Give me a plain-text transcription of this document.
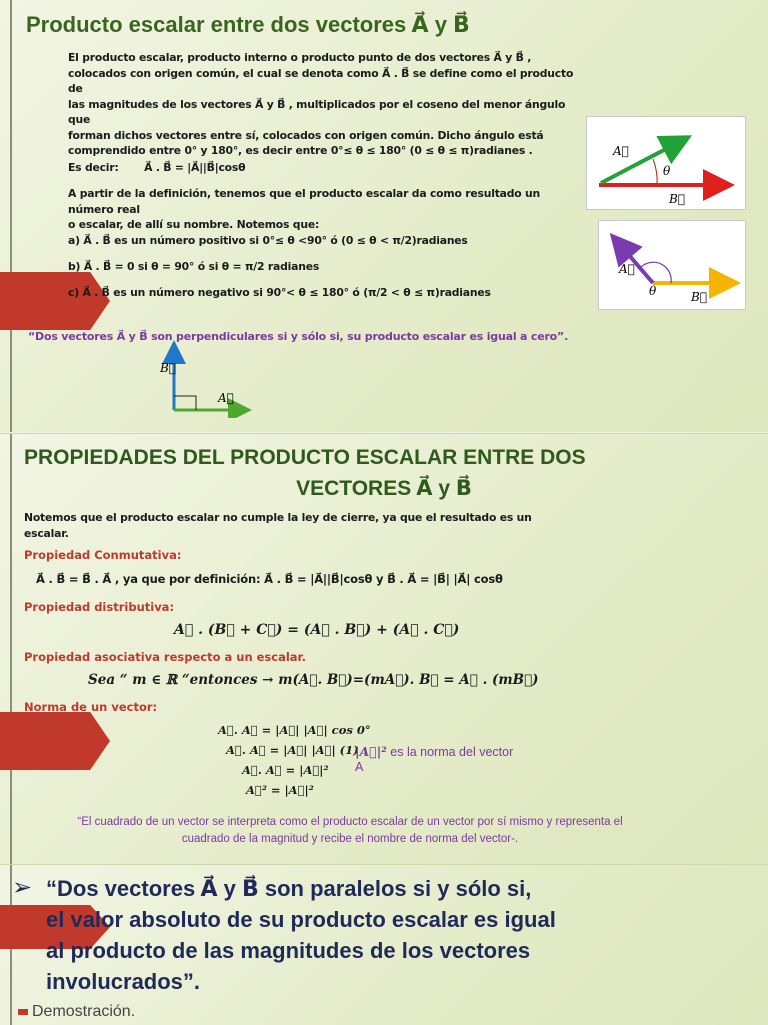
Producto escalar entre dos vectores A⃗ y B⃗
El producto escalar, producto interno o producto punto de dos vectores A⃗ y B⃗ ,
colocados con origen común, el cual se denota como A⃗ . B⃗ se define como el producto de
las magnitudes de los vectores A⃗ y B⃗ , multiplicados por el coseno del menor ángulo que
forman dichos vectores entre sí, colocados con origen común. Dicho ángulo está
comprendido entre 0° y 180°, es decir entre 0°≤ θ ≤ 180° (0 ≤ θ ≤ π)radianes .
Es decir: A⃗ . B⃗ = |A⃗||B⃗|cosθ
A partir de la definición, tenemos que el producto escalar da como resultado un número real
o escalar, de allí su nombre. Notemos que:
a) A⃗ . B⃗ es un número positivo si 0°≤ θ <90° ó (0 ≤ θ < π/2)radianes
b) A⃗ . B⃗ = 0 si θ = 90° ó si θ = π/2 radianes
c) A⃗ . B⃗ es un número negativo si 90°< θ ≤ 180° ó (π/2 < θ ≤ π)radianes
Teorema:
“Dos vectores A⃗ y B⃗ son perpendiculares si y sólo si, su producto escalar es igual a cero”.
A⃗
θ
B⃗
A⃗
θ	B⃗
B⃗
A⃗
PROPIEDADES DEL PRODUCTO ESCALAR ENTRE DOS
VECTORES A⃗ y B⃗
Notemos que el producto escalar no cumple la ley de cierre, ya que el resultado es un escalar.
Propiedad Conmutativa:
A⃗ . B⃗ = B⃗ . A⃗ , ya que por definición: A⃗ . B⃗ = |A⃗||B⃗|cosθ y B⃗ . A⃗ = |B⃗| |A⃗| cosθ
Propiedad distributiva:
A⃗ . (B⃗ + C⃗) = (A⃗ . B⃗) + (A⃗ . C⃗)
Propiedad asociativa respecto a un escalar.
Sea “ m ∈ ℝ “entonces → m(A⃗. B⃗)=(mA⃗). B⃗ = A⃗ . (mB⃗)
Norma de un vector:
A⃗. A⃗ = |A⃗| |A⃗| cos 0°
A⃗. A⃗ = |A⃗| |A⃗| (1)
A⃗. A⃗ = |A⃗|²
A⃗² = |A⃗|²
|A⃗|² es la norma del vector
A
“El cuadrado de un vector se interpreta como el producto escalar de un vector por sí mismo y representa el
cuadrado de la magnitud y recibe el nombre de norma del vector-.
➢ “Dos vectores A⃗ y B⃗ son paralelos si y sólo si,
el valor absoluto de su producto escalar es igual
al producto de las magnitudes de los vectores
involucrados”.
Demostración.
